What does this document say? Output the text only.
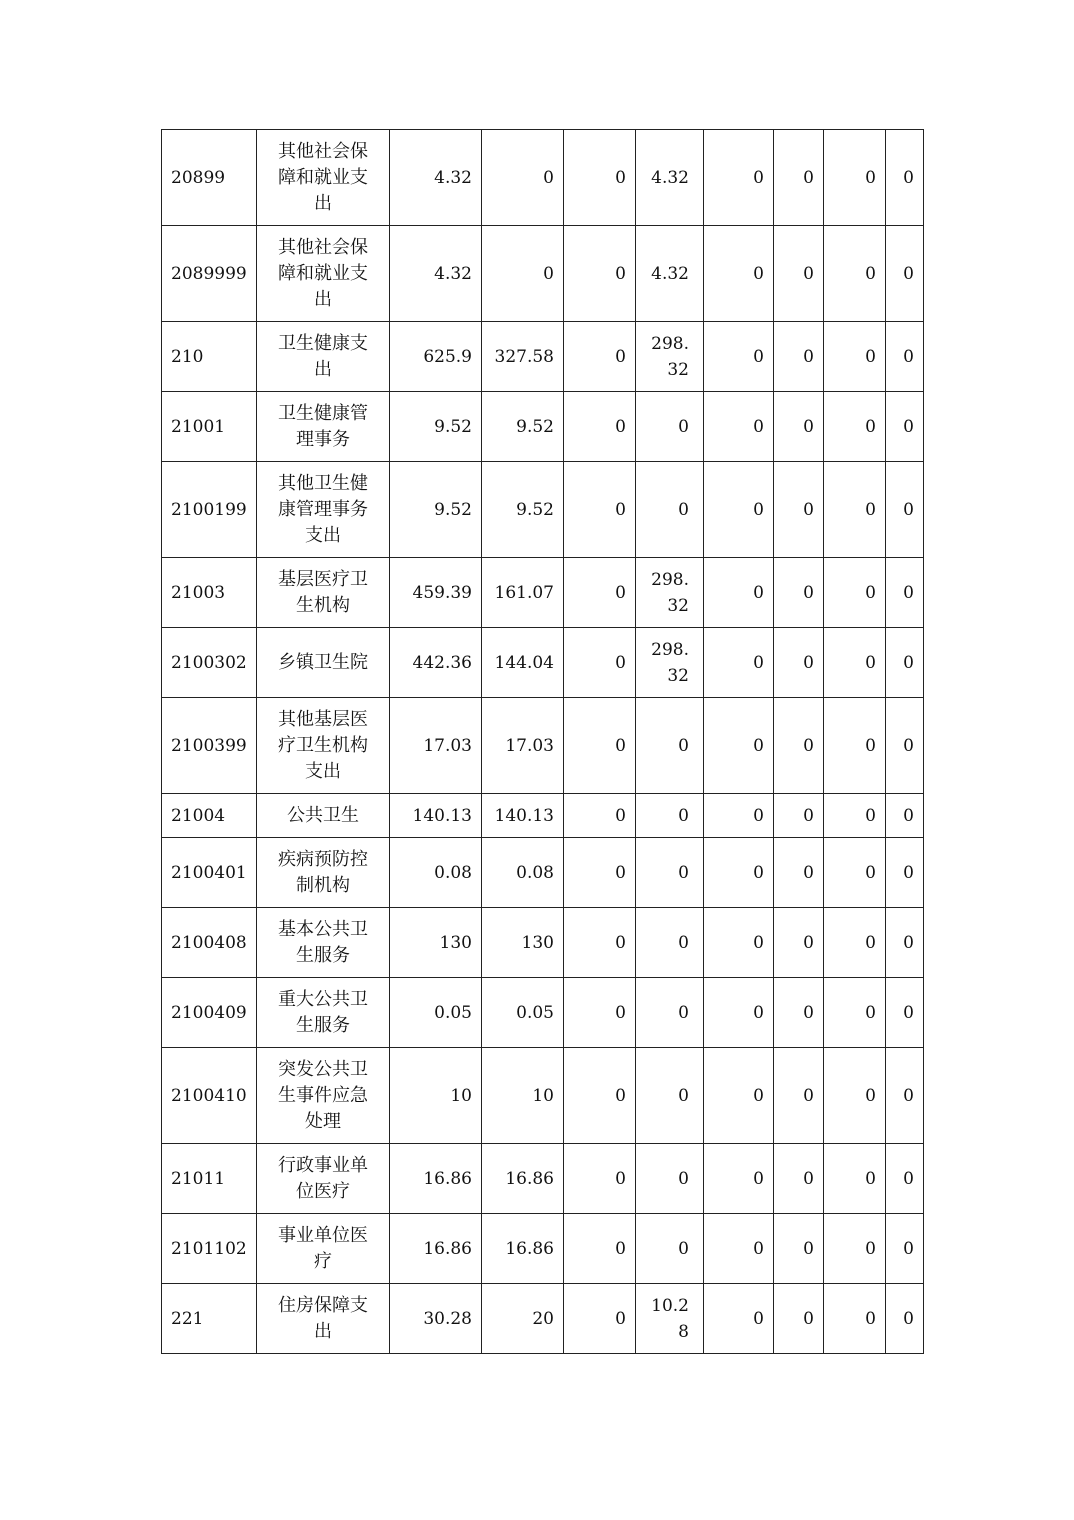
20899	其他社会保障和就业支出	4.32	0	0	4.32	0	0	0	0
2089999	其他社会保障和就业支出	4.32	0	0	4.32	0	0	0	0
210	卫生健康支出	625.9	327.58	0	298.32	0	0	0	0
21001	卫生健康管理事务	9.52	9.52	0	0	0	0	0	0
2100199	其他卫生健康管理事务支出	9.52	9.52	0	0	0	0	0	0
21003	基层医疗卫生机构	459.39	161.07	0	298.32	0	0	0	0
2100302	乡镇卫生院	442.36	144.04	0	298.32	0	0	0	0
2100399	其他基层医疗卫生机构支出	17.03	17.03	0	0	0	0	0	0
21004	公共卫生	140.13	140.13	0	0	0	0	0	0
2100401	疾病预防控制机构	0.08	0.08	0	0	0	0	0	0
2100408	基本公共卫生服务	130	130	0	0	0	0	0	0
2100409	重大公共卫生服务	0.05	0.05	0	0	0	0	0	0
2100410	突发公共卫生事件应急处理	10	10	0	0	0	0	0	0
21011	行政事业单位医疗	16.86	16.86	0	0	0	0	0	0
2101102	事业单位医疗	16.86	16.86	0	0	0	0	0	0
221	住房保障支出	30.28	20	0	10.28	0	0	0	0
